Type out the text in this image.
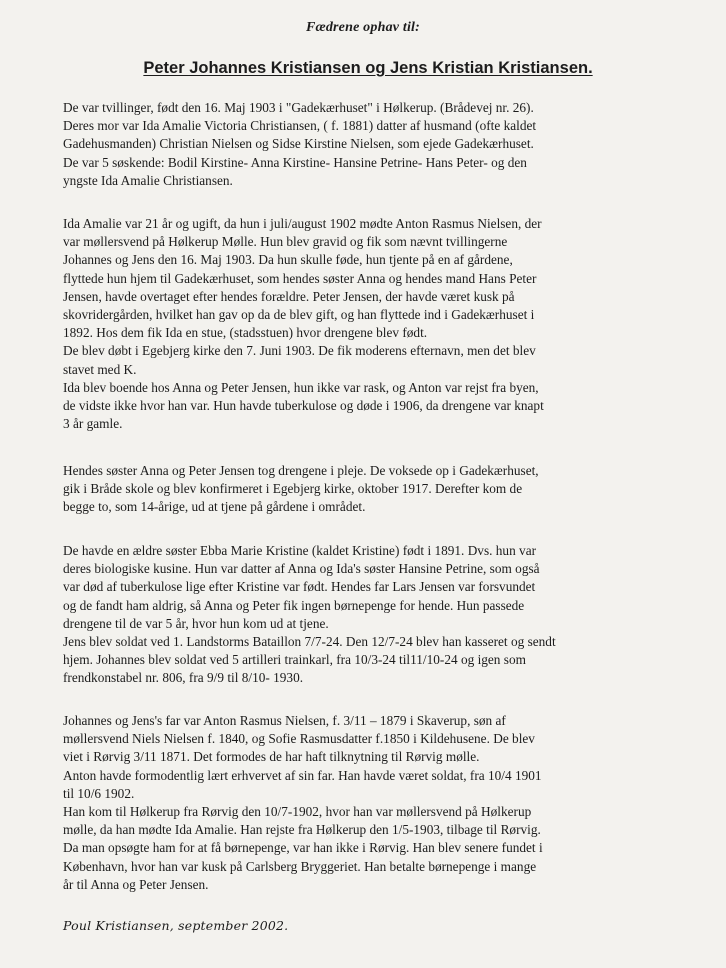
Fædrene ophav til:
Peter Johannes Kristiansen og Jens Kristian Kristiansen.

De var tvillinger, født den 16. Maj 1903 i "Gadekærhuset" i Hølkerup. (Brådevej nr. 26).
Deres mor var Ida Amalie Victoria Christiansen, ( f. 1881) datter af husmand (ofte kaldet
Gadehusmanden) Christian Nielsen og Sidse Kirstine Nielsen, som ejede Gadekærhuset.
De var 5 søskende: Bodil Kirstine- Anna Kirstine- Hansine Petrine- Hans Peter- og den
yngste Ida Amalie Christiansen.

Ida Amalie var 21 år og ugift, da hun i juli/august 1902 mødte Anton Rasmus Nielsen, der
var møllersvend på Hølkerup Mølle. Hun blev gravid og fik som nævnt tvillingerne
Johannes og Jens den 16. Maj 1903. Da hun skulle føde, hun tjente på en af gårdene,
flyttede hun hjem til Gadekærhuset, som hendes søster Anna og hendes mand Hans Peter
Jensen, havde overtaget efter hendes forældre. Peter Jensen, der havde været kusk på
skovridergården, hvilket han gav op da de blev gift, og han flyttede ind i Gadekærhuset i
1892. Hos dem fik Ida en stue, (stadsstuen) hvor drengene blev født.
De blev døbt i Egebjerg kirke den 7. Juni 1903. De fik moderens efternavn, men det blev
stavet med K.
Ida blev boende hos Anna og Peter Jensen, hun ikke var rask, og Anton var rejst fra byen,
de vidste ikke hvor han var. Hun havde tuberkulose og døde i 1906, da drengene var knapt
3 år gamle.

Hendes søster Anna og Peter Jensen tog drengene i pleje. De voksede op i Gadekærhuset,
gik i Bråde skole og blev konfirmeret i Egebjerg kirke, oktober 1917. Derefter kom de
begge to, som 14-årige, ud at tjene på gårdene i området.

De havde en ældre søster Ebba Marie Kristine (kaldet Kristine) født i 1891. Dvs. hun var
deres biologiske kusine. Hun var datter af Anna og Ida's søster Hansine Petrine, som også
var død af tuberkulose lige efter Kristine var født. Hendes far Lars Jensen var forsvundet
og de fandt ham aldrig, så Anna og Peter fik ingen børnepenge for hende. Hun passede
drengene til de var 5 år, hvor hun kom ud at tjene.
Jens blev soldat ved 1. Landstorms Bataillon 7/7-24. Den 12/7-24 blev han kasseret og sendt
hjem. Johannes blev soldat ved 5 artilleri trainkarl, fra 10/3-24 til11/10-24 og igen som
frendkonstabel nr. 806, fra 9/9 til 8/10- 1930.

Johannes og Jens's far var Anton Rasmus Nielsen, f. 3/11 – 1879 i Skaverup, søn af
møllersvend Niels Nielsen f. 1840, og Sofie Rasmusdatter f.1850 i Kildehusene. De blev
viet i Rørvig 3/11 1871. Det formodes de har haft tilknytning til Rørvig mølle.
Anton havde formodentlig lært erhvervet af sin far. Han havde været soldat, fra 10/4 1901
til 10/6 1902.
Han kom til Hølkerup fra Rørvig den 10/7-1902, hvor han var møllersvend på Hølkerup
mølle, da han mødte Ida Amalie. Han rejste fra Hølkerup den 1/5-1903, tilbage til Rørvig.
Da man opsøgte ham for at få børnepenge, var han ikke i Rørvig. Han blev senere fundet i
København, hvor han var kusk på Carlsberg Bryggeriet. Han betalte børnepenge i mange
år til Anna og Peter Jensen.

Poul Kristiansen, september 2002.
